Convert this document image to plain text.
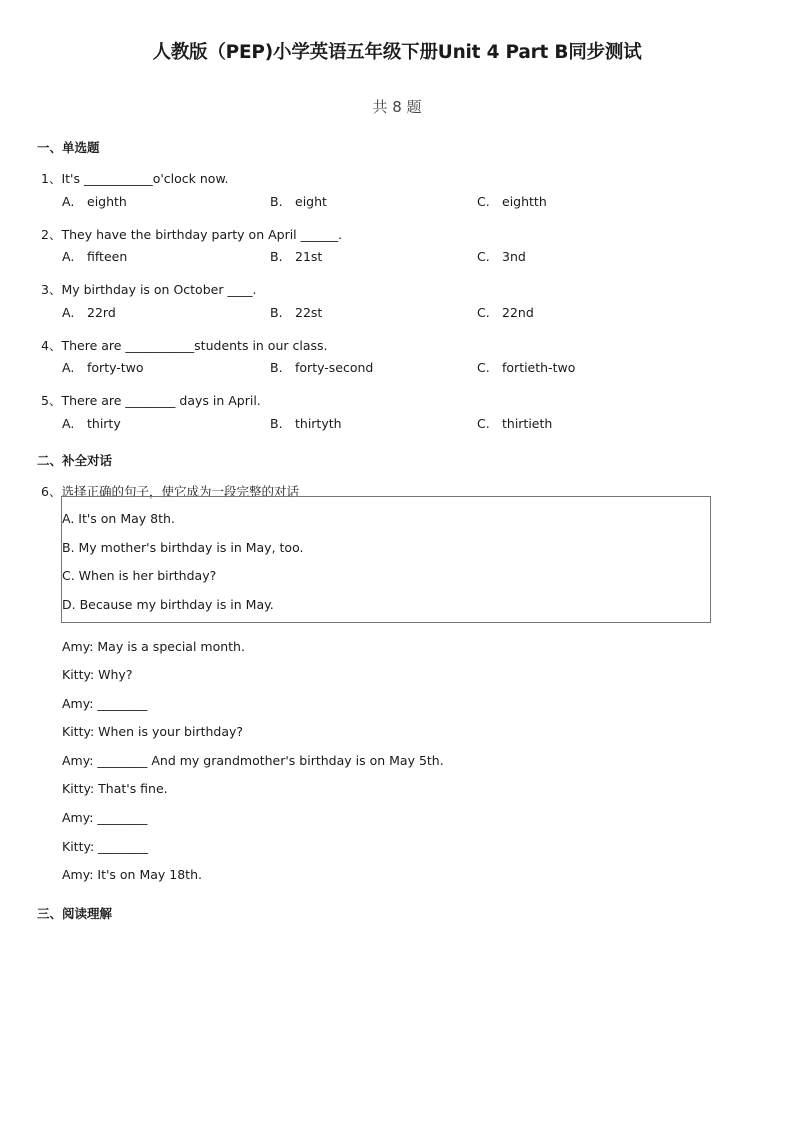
人教版（PEP)小学英语五年级下册Unit 4 Part B同步测试
共 8 题
一、单选题
1、It's ___________o'clock now.
A. eighth	B. eight	C. eightth
2、They have the birthday party on April ______.
A. fifteen	B. 21st	C. 3nd
3、My birthday is on October ____.
A. 22rd	B. 22st	C. 22nd
4、There are ___________students in our class.
A. forty-two	B. forty-second	C. fortieth-two
5、There are ________ days in April.
A. thirty	B. thirtyth	C. thirtieth
二、补全对话
6、选择正确的句子，使它成为一段完整的对话
A. It's on May 8th.
B. My mother's birthday is in May, too.
C. When is her birthday?
D. Because my birthday is in May.
Amy: May is a special month.
Kitty: Why?
Amy: ________
Kitty: When is your birthday?
Amy: ________ And my grandmother's birthday is on May 5th.
Kitty: That's fine.
Amy: ________
Kitty: ________
Amy: It's on May 18th.
三、阅读理解
